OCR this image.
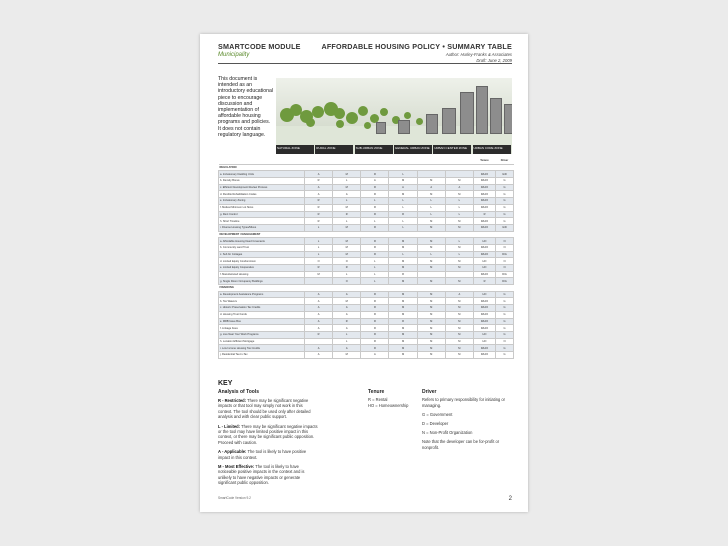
SMARTCODE MODULE
Municipality
AFFORDABLE HOUSING POLICY • SUMMARY TABLE
Author: Hurley-Franks & Associates
Draft: June 2, 2009
This document is intended as an introductory educational piece to encourage discussion and implementation of affordable housing programs and policies. It does not contain regulatory language.
NATURAL ZONE	RURAL ZONE	SUB-URBAN ZONE	GENERAL URBAN ZONE	URBAN CENTER ZONE	URBAN CORE ZONE
							Tenure	Driver
REGULATION								
a. Inclusionary Dwelling Units	A	M	R	L			R/H/O	G/D
b. Density Bonus	R	L	A	M	M	M	R/H/O	G
c. Efficient Development Review Process	A	M	R	A	A	A	R/H/O	G
d. Flexible Rehabilitation Codes	A	A	R	M	M	M	R/H/O	G
e. Inclusionary Zoning	R	L	L	L	L	L	R/H/O	G
f. Modest Minimum Lot Sizes	R	M	R	L	L	L	R/H/O	G
g. Rent Control	R	R	R	R	L	L	R	G
h. Short Timeline	R	L	L	L	M	M	R/H/O	G
i. Diverse Housing Types/Mixes	L	M	R	L	M	M	R/H/O	G/D
DEVELOPMENT / MANAGEMENT								
a. Affordable Housing Deed Covenants	L	M	R	M	M	L	HO	N
b. Community Land Trust	L	M	R	M	M	M	R/H/O	N
c. Sub for Cottages	L	M	R	L	L	L	R/H/O	D/G
d. Limited Equity Condominium	O	O	L	M	M	M	HO	N
e. Limited Equity Cooperative	R	R	L	M	M	M	HO	N
f. Manufactured Housing	M	L	L	R			R/H/O	D/G
g. Single Room Occupancy Buildings		O	L	M	M	M	R	D/G
FINANCING								
a. Development Assistance Programs	A	A	R	M	M	A	HO	G
b. Tax Waivers	A	M	R	M	M	M	R/H/O	G
c. Historic Preservation Tax Credits	A	A	R	M	M	M	R/H/O	G
d. Housing Trust Funds	A	A	R	M	M	M	R/H/O	G
e. MRB Issue Bos	A	R	R	R	M	M	R/H/O	G
f. Linkage Fees	A	A	R	M	M	M	R/H/O	G
g. Live Near Your Work Programs	R	L	R	M	M	M	HO	G
h. Location Efficient Mortgage		L	R	M	M	M	HO	N
i. Low Income Housing Tax Credits	A	A	R	M	M	M	R/H/O	G
j. Residential Tax-In-Tax	A	M	A	M	M	M	R/H/O	G
KEY
Analysis of Tools

R - Restricted: There may be significant negative impacts or that tool may simply not work in this context. The tool should be used only after detailed analysis and with clear public support.

L - Limited: There may be significant negative impacts or the tool may have limited positive impact in this context, or there may be significant public opposition. Proceed with caution.

A - Applicable: The tool is likely to have positive impact in this context.

M - Most Effective: The tool is likely to have noticeable positive impacts in the context and is unlikely to have negative impacts or generate significant public opposition.

Tenure
R = Rental
HO = Homeownership
Driver

Refers to primary responsibility for initiating or managing.

G = Government

D = Developer

N = Non-Profit Organization

Note that the developer can be for-profit or nonprofit.

SmartCode Version 9.2	2
